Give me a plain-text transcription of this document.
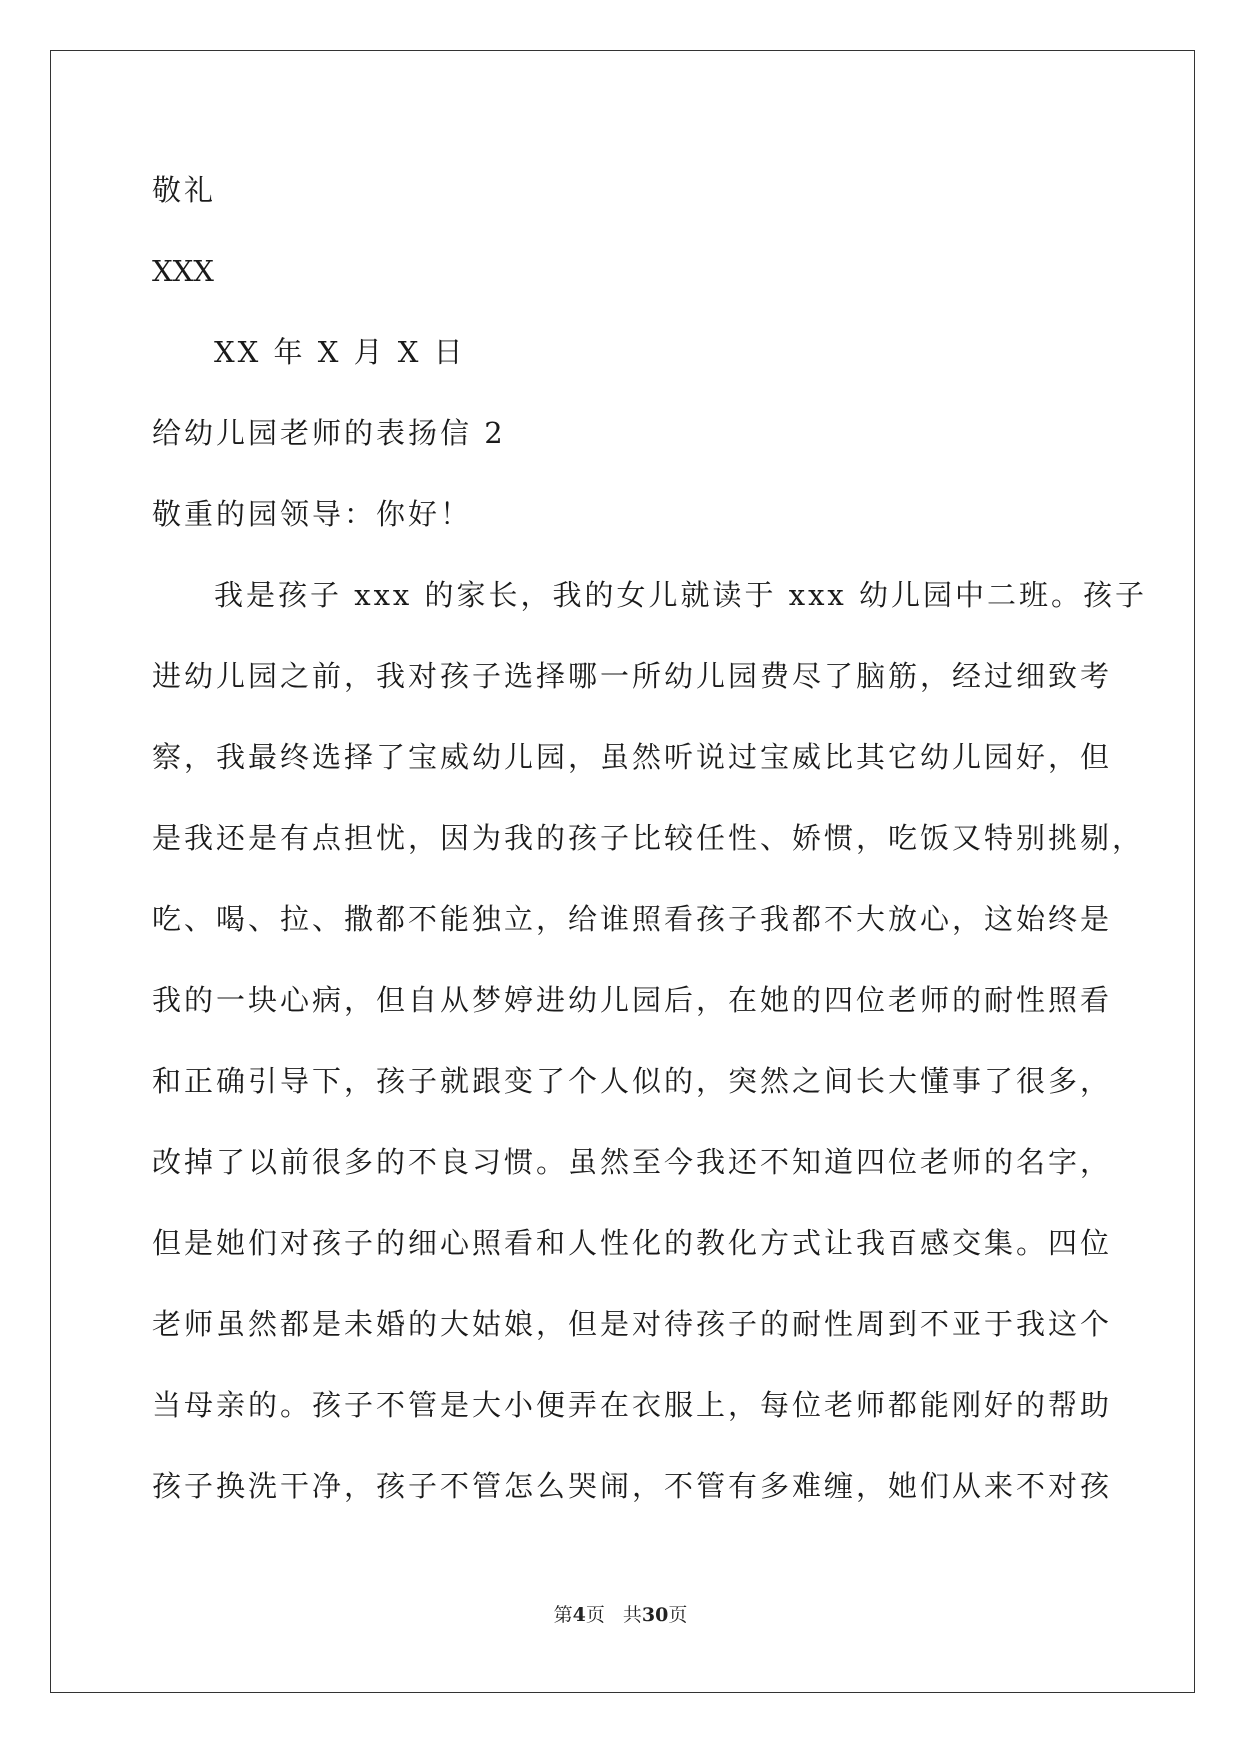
敬礼
XXX
XX 年 X 月 X 日
给幼儿园老师的表扬信 2
敬重的园领导：你好！
我是孩子 xxx 的家长，我的女儿就读于 xxx 幼儿园中二班。孩子
进幼儿园之前，我对孩子选择哪一所幼儿园费尽了脑筋，经过细致考
察，我最终选择了宝威幼儿园，虽然听说过宝威比其它幼儿园好，但
是我还是有点担忧，因为我的孩子比较任性、娇惯，吃饭又特别挑剔，
吃、喝、拉、撒都不能独立，给谁照看孩子我都不大放心，这始终是
我的一块心病，但自从梦婷进幼儿园后，在她的四位老师的耐性照看
和正确引导下，孩子就跟变了个人似的，突然之间长大懂事了很多，
改掉了以前很多的不良习惯。虽然至今我还不知道四位老师的名字，
但是她们对孩子的细心照看和人性化的教化方式让我百感交集。四位
老师虽然都是未婚的大姑娘，但是对待孩子的耐性周到不亚于我这个
当母亲的。孩子不管是大小便弄在衣服上，每位老师都能刚好的帮助
孩子换洗干净，孩子不管怎么哭闹，不管有多难缠，她们从来不对孩
第4页 共30页
